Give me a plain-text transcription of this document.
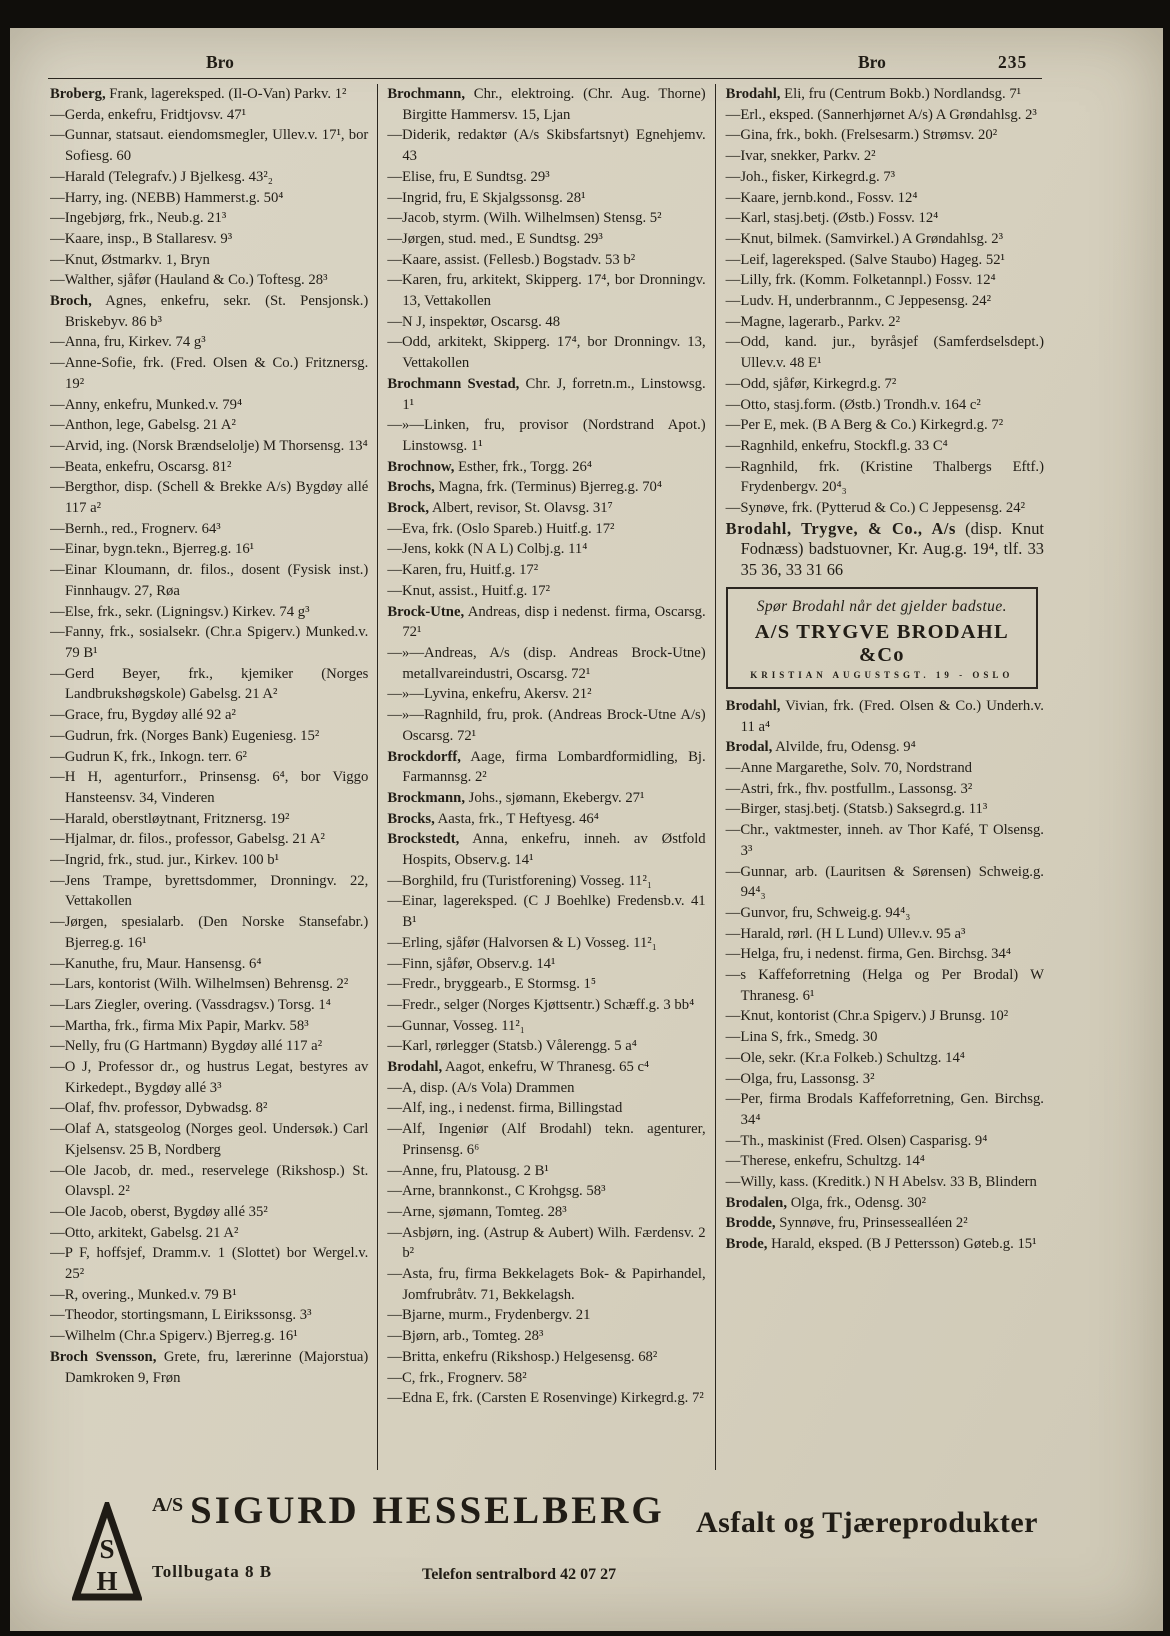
Bro	Bro	235

Broberg, Frank, lagereksped. (Il-O-Van) Parkv. 1²

—Gerda, enkefru, Fridtjovsv. 47¹

—Gunnar, statsaut. eiendomsmegler, Ullev.v. 17¹, bor Sofiesg. 60

—Harald (Telegrafv.) J Bjelkesg. 43²₂

—Harry, ing. (NEBB) Hammerst.g. 50⁴

—Ingebjørg, frk., Neub.g. 21³

—Kaare, insp., B Stallaresv. 9³

—Knut, Østmarkv. 1, Bryn

—Walther, sjåfør (Hauland & Co.) Toftesg. 28³

Broch, Agnes, enkefru, sekr. (St. Pensjonsk.) Briskebyv. 86 b³

—Anna, fru, Kirkev. 74 g³

—Anne-Sofie, frk. (Fred. Olsen & Co.) Fritznersg. 19²

—Anny, enkefru, Munked.v. 79⁴

—Anthon, lege, Gabelsg. 21 A²

—Arvid, ing. (Norsk Brændselolje) M Thorsensg. 13⁴

—Beata, enkefru, Oscarsg. 81²

—Bergthor, disp. (Schell & Brekke A/s) Bygdøy allé 117 a²

—Bernh., red., Frognerv. 64³

—Einar, bygn.tekn., Bjerreg.g. 16¹

—Einar Kloumann, dr. filos., dosent (Fysisk inst.) Finnhaugv. 27, Røa

—Else, frk., sekr. (Ligningsv.) Kirkev. 74 g³

—Fanny, frk., sosialsekr. (Chr.a Spigerv.) Munked.v. 79 B¹

—Gerd Beyer, frk., kjemiker (Norges Landbrukshøgskole) Gabelsg. 21 A²

—Grace, fru, Bygdøy allé 92 a²

—Gudrun, frk. (Norges Bank) Eugeniesg. 15²

—Gudrun K, frk., Inkogn. terr. 6²

—H H, agenturforr., Prinsensg. 6⁴, bor Viggo Hansteensv. 34, Vinderen

—Harald, oberstløytnant, Fritznersg. 19²

—Hjalmar, dr. filos., professor, Gabelsg. 21 A²

—Ingrid, frk., stud. jur., Kirkev. 100 b¹

—Jens Trampe, byrettsdommer, Dronningv. 22, Vettakollen

—Jørgen, spesialarb. (Den Norske Stansefabr.) Bjerreg.g. 16¹

—Kanuthe, fru, Maur. Hansensg. 6⁴

—Lars, kontorist (Wilh. Wilhelmsen) Behrensg. 2²

—Lars Ziegler, overing. (Vassdragsv.) Torsg. 1⁴

—Martha, frk., firma Mix Papir, Markv. 58³

—Nelly, fru (G Hartmann) Bygdøy allé 117 a²

—O J, Professor dr., og hustrus Legat, bestyres av Kirkedept., Bygdøy allé 3³

—Olaf, fhv. professor, Dybwadsg. 8²

—Olaf A, statsgeolog (Norges geol. Undersøk.) Carl Kjelsensv. 25 B, Nordberg

—Ole Jacob, dr. med., reservelege (Rikshosp.) St. Olavspl. 2²

—Ole Jacob, oberst, Bygdøy allé 35²

—Otto, arkitekt, Gabelsg. 21 A²

—P F, hoffsjef, Dramm.v. 1 (Slottet) bor Wergel.v. 25²

—R, overing., Munked.v. 79 B¹

—Theodor, stortingsmann, L Eirikssonsg. 3³

—Wilhelm (Chr.a Spigerv.) Bjerreg.g. 16¹

Broch Svensson, Grete, fru, lærerinne (Majorstua) Damkroken 9, Frøn

Brochmann, Chr., elektroing. (Chr. Aug. Thorne) Birgitte Hammersv. 15, Ljan

—Diderik, redaktør (A/s Skibsfartsnyt) Egnehjemv. 43

—Elise, fru, E Sundtsg. 29³

—Ingrid, fru, E Skjalgssonsg. 28¹

—Jacob, styrm. (Wilh. Wilhelmsen) Stensg. 5²

—Jørgen, stud. med., E Sundtsg. 29³

—Kaare, assist. (Fellesb.) Bogstadv. 53 b²

—Karen, fru, arkitekt, Skipperg. 17⁴, bor Dronningv. 13, Vettakollen

—N J, inspektør, Oscarsg. 48

—Odd, arkitekt, Skipperg. 17⁴, bor Dronningv. 13, Vettakollen

Brochmann Svestad, Chr. J, forretn.m., Linstowsg. 1¹

—»—Linken, fru, provisor (Nordstrand Apot.) Linstowsg. 1¹

Brochnow, Esther, frk., Torgg. 26⁴

Brochs, Magna, frk. (Terminus) Bjerreg.g. 70⁴

Brock, Albert, revisor, St. Olavsg. 31⁷

—Eva, frk. (Oslo Spareb.) Huitf.g. 17²

—Jens, kokk (N A L) Colbj.g. 11⁴

—Karen, fru, Huitf.g. 17²

—Knut, assist., Huitf.g. 17²

Brock-Utne, Andreas, disp i nedenst. firma, Oscarsg. 72¹

—»—Andreas, A/s (disp. Andreas Brock-Utne) metallvareindustri, Oscarsg. 72¹

—»—Lyvina, enkefru, Akersv. 21²

—»—Ragnhild, fru, prok. (Andreas Brock-Utne A/s) Oscarsg. 72¹

Brockdorff, Aage, firma Lombardformidling, Bj. Farmannsg. 2²

Brockmann, Johs., sjømann, Ekebergv. 27¹

Brocks, Aasta, frk., T Heftyesg. 46⁴

Brockstedt, Anna, enkefru, inneh. av Østfold Hospits, Observ.g. 14¹

—Borghild, fru (Turistforening) Vosseg. 11²₁

—Einar, lagereksped. (C J Boehlke) Fredensb.v. 41 B¹

—Erling, sjåfør (Halvorsen & L) Vosseg. 11²₁

—Finn, sjåfør, Observ.g. 14¹

—Fredr., bryggearb., E Stormsg. 1⁵

—Fredr., selger (Norges Kjøttsentr.) Schæff.g. 3 bb⁴

—Gunnar, Vosseg. 11²₁

—Karl, rørlegger (Statsb.) Vålerengg. 5 a⁴

Brodahl, Aagot, enkefru, W Thranesg. 65 c⁴

—A, disp. (A/s Vola) Drammen

—Alf, ing., i nedenst. firma, Billingstad

—Alf, Ingeniør (Alf Brodahl) tekn. agenturer, Prinsensg. 6⁶

—Anne, fru, Platousg. 2 B¹

—Arne, brannkonst., C Krohgsg. 58³

—Arne, sjømann, Tomteg. 28³

—Asbjørn, ing. (Astrup & Aubert) Wilh. Færdensv. 2 b²

—Asta, fru, firma Bekkelagets Bok- & Papirhandel, Jomfrubråtv. 71, Bekkelagsh.

—Bjarne, murm., Frydenbergv. 21

—Bjørn, arb., Tomteg. 28³

—Britta, enkefru (Rikshosp.) Helgesensg. 68²

—C, frk., Frognerv. 58²

—Edna E, frk. (Carsten E Rosenvinge) Kirkegrd.g. 7²

Brodahl, Eli, fru (Centrum Bokb.) Nordlandsg. 7¹

—Erl., eksped. (Sannerhjørnet A/s) A Grøndahlsg. 2³

—Gina, frk., bokh. (Frelsesarm.) Strømsv. 20²

—Ivar, snekker, Parkv. 2²

—Joh., fisker, Kirkegrd.g. 7³

—Kaare, jernb.kond., Fossv. 12⁴

—Karl, stasj.betj. (Østb.) Fossv. 12⁴

—Knut, bilmek. (Samvirkel.) A Grøndahlsg. 2³

—Leif, lagereksped. (Salve Staubo) Hageg. 52¹

—Lilly, frk. (Komm. Folketannpl.) Fossv. 12⁴

—Ludv. H, underbrannm., C Jeppesensg. 24²

—Magne, lagerarb., Parkv. 2²

—Odd, kand. jur., byråsjef (Samferdselsdept.) Ullev.v. 48 E¹

—Odd, sjåfør, Kirkegrd.g. 7²

—Otto, stasj.form. (Østb.) Trondh.v. 164 c²

—Per E, mek. (B A Berg & Co.) Kirkegrd.g. 7²

—Ragnhild, enkefru, Stockfl.g. 33 C⁴

—Ragnhild, frk. (Kristine Thalbergs Eftf.) Frydenbergv. 20⁴₃

—Synøve, frk. (Pytterud & Co.) C Jeppesensg. 24²

Brodahl, Trygve, & Co., A/s (disp. Knut Fodnæss) badstuovner, Kr. Aug.g. 19⁴, tlf. 33 35 36, 33 31 66

Spør Brodahl når det gjelder badstue.
A/S TRYGVE BRODAHL &Co
KRISTIAN AUGUSTSGT. 19 - OSLO

Brodahl, Vivian, frk. (Fred. Olsen & Co.) Underh.v. 11 a⁴

Brodal, Alvilde, fru, Odensg. 9⁴

—Anne Margarethe, Solv. 70, Nordstrand

—Astri, frk., fhv. postfullm., Lassonsg. 3²

—Birger, stasj.betj. (Statsb.) Saksegrd.g. 11³

—Chr., vaktmester, inneh. av Thor Kafé, T Olsensg. 3³

—Gunnar, arb. (Lauritsen & Sørensen) Schweig.g. 94⁴₃

—Gunvor, fru, Schweig.g. 94⁴₃

—Harald, rørl. (H L Lund) Ullev.v. 95 a³

—Helga, fru, i nedenst. firma, Gen. Birchsg. 34⁴

—s Kaffeforretning (Helga og Per Brodal) W Thranesg. 6¹

—Knut, kontorist (Chr.a Spigerv.) J Brunsg. 10²

—Lina S, frk., Smedg. 30

—Ole, sekr. (Kr.a Folkeb.) Schultzg. 14⁴

—Olga, fru, Lassonsg. 3²

—Per, firma Brodals Kaffeforretning, Gen. Birchsg. 34⁴

—Th., maskinist (Fred. Olsen) Casparisg. 9⁴

—Therese, enkefru, Schultzg. 14⁴

—Willy, kass. (Kreditk.) N H Abelsv. 33 B, Blindern

Brodalen, Olga, frk., Odensg. 30²

Brodde, Synnøve, fru, Prinsessealléen 2²

Brode, Harald, eksped. (B J Pettersson) Gøteb.g. 15¹

S
H
A/S SIGURD HESSELBERG
Tollbugata 8 B	Telefon sentralbord 42 07 27
Asfalt og Tjæreprodukter
